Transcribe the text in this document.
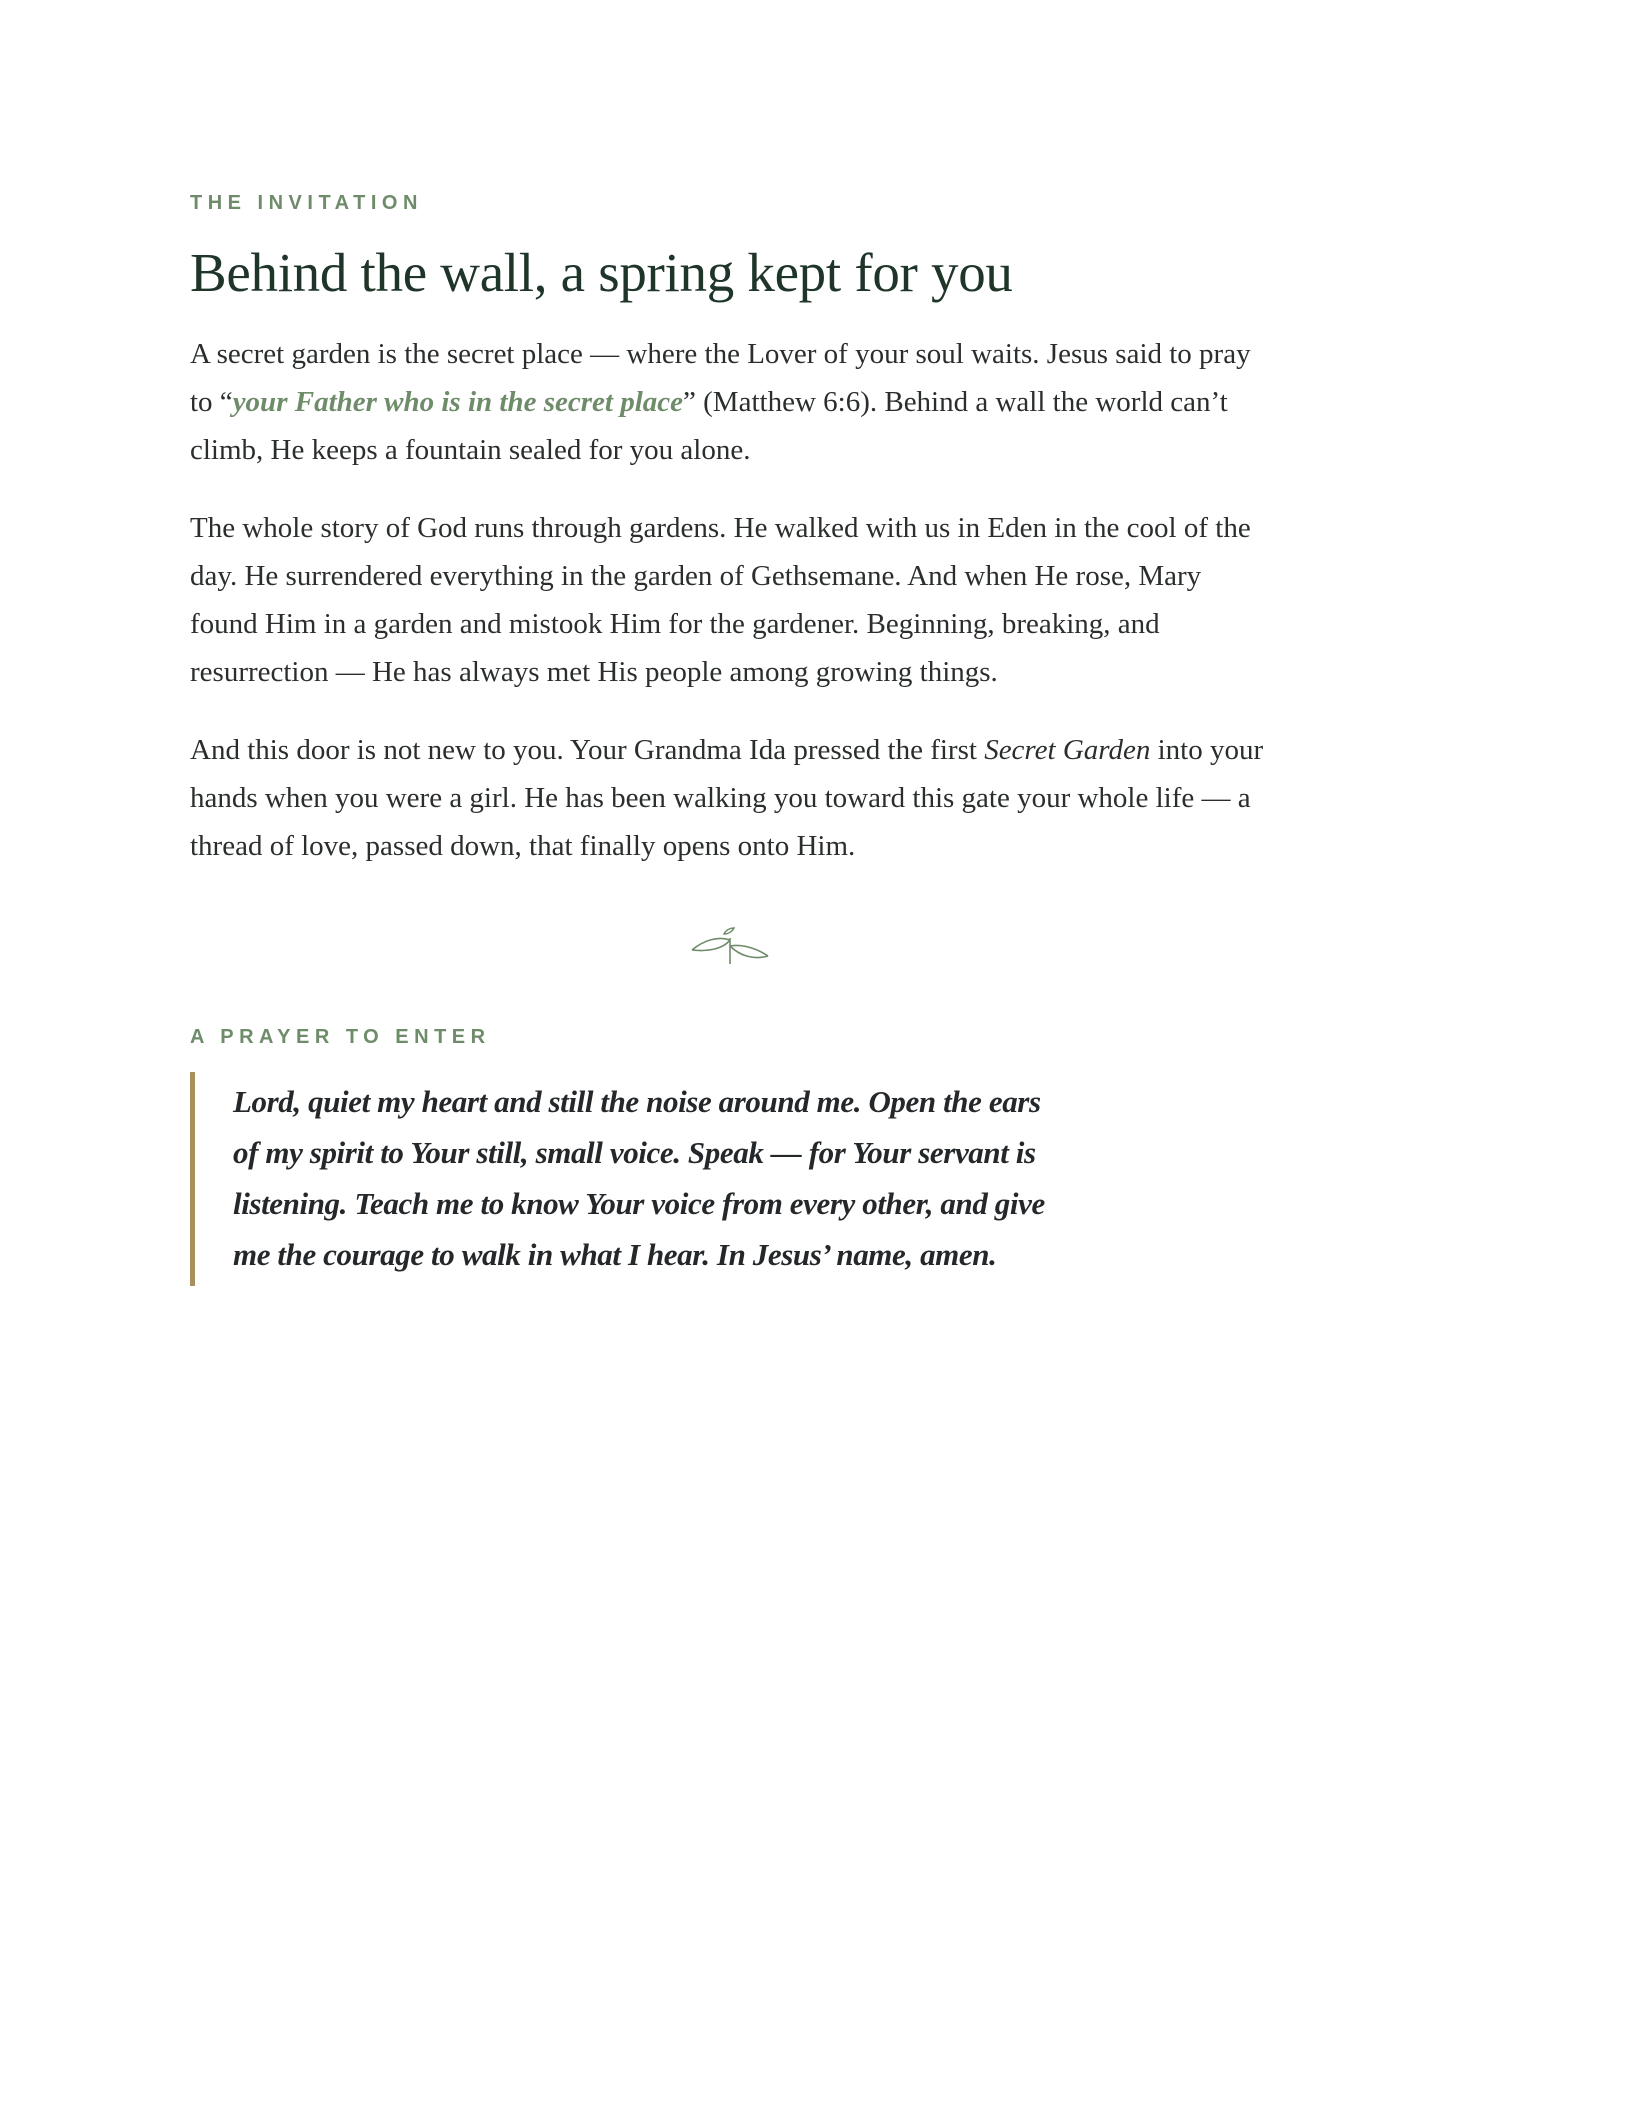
THE INVITATION

Behind the wall, a spring kept for you

A secret garden is the secret place — where the Lover of your soul waits. Jesus said to pray to “your Father who is in the secret place” (Matthew 6:6). Behind a wall the world can’t climb, He keeps a fountain sealed for you alone.

The whole story of God runs through gardens. He walked with us in Eden in the cool of the day. He surrendered everything in the garden of Gethsemane. And when He rose, Mary found Him in a garden and mistook Him for the gardener. Beginning, breaking, and resurrection — He has always met His people among growing things.

And this door is not new to you. Your Grandma Ida pressed the first Secret Garden into your hands when you were a girl. He has been walking you toward this gate your whole life — a thread of love, passed down, that finally opens onto Him.

A PRAYER TO ENTER

Lord, quiet my heart and still the noise around me. Open the ears of my spirit to Your still, small voice. Speak — for Your servant is listening. Teach me to know Your voice from every other, and give me the courage to walk in what I hear. In Jesus’ name, amen.
